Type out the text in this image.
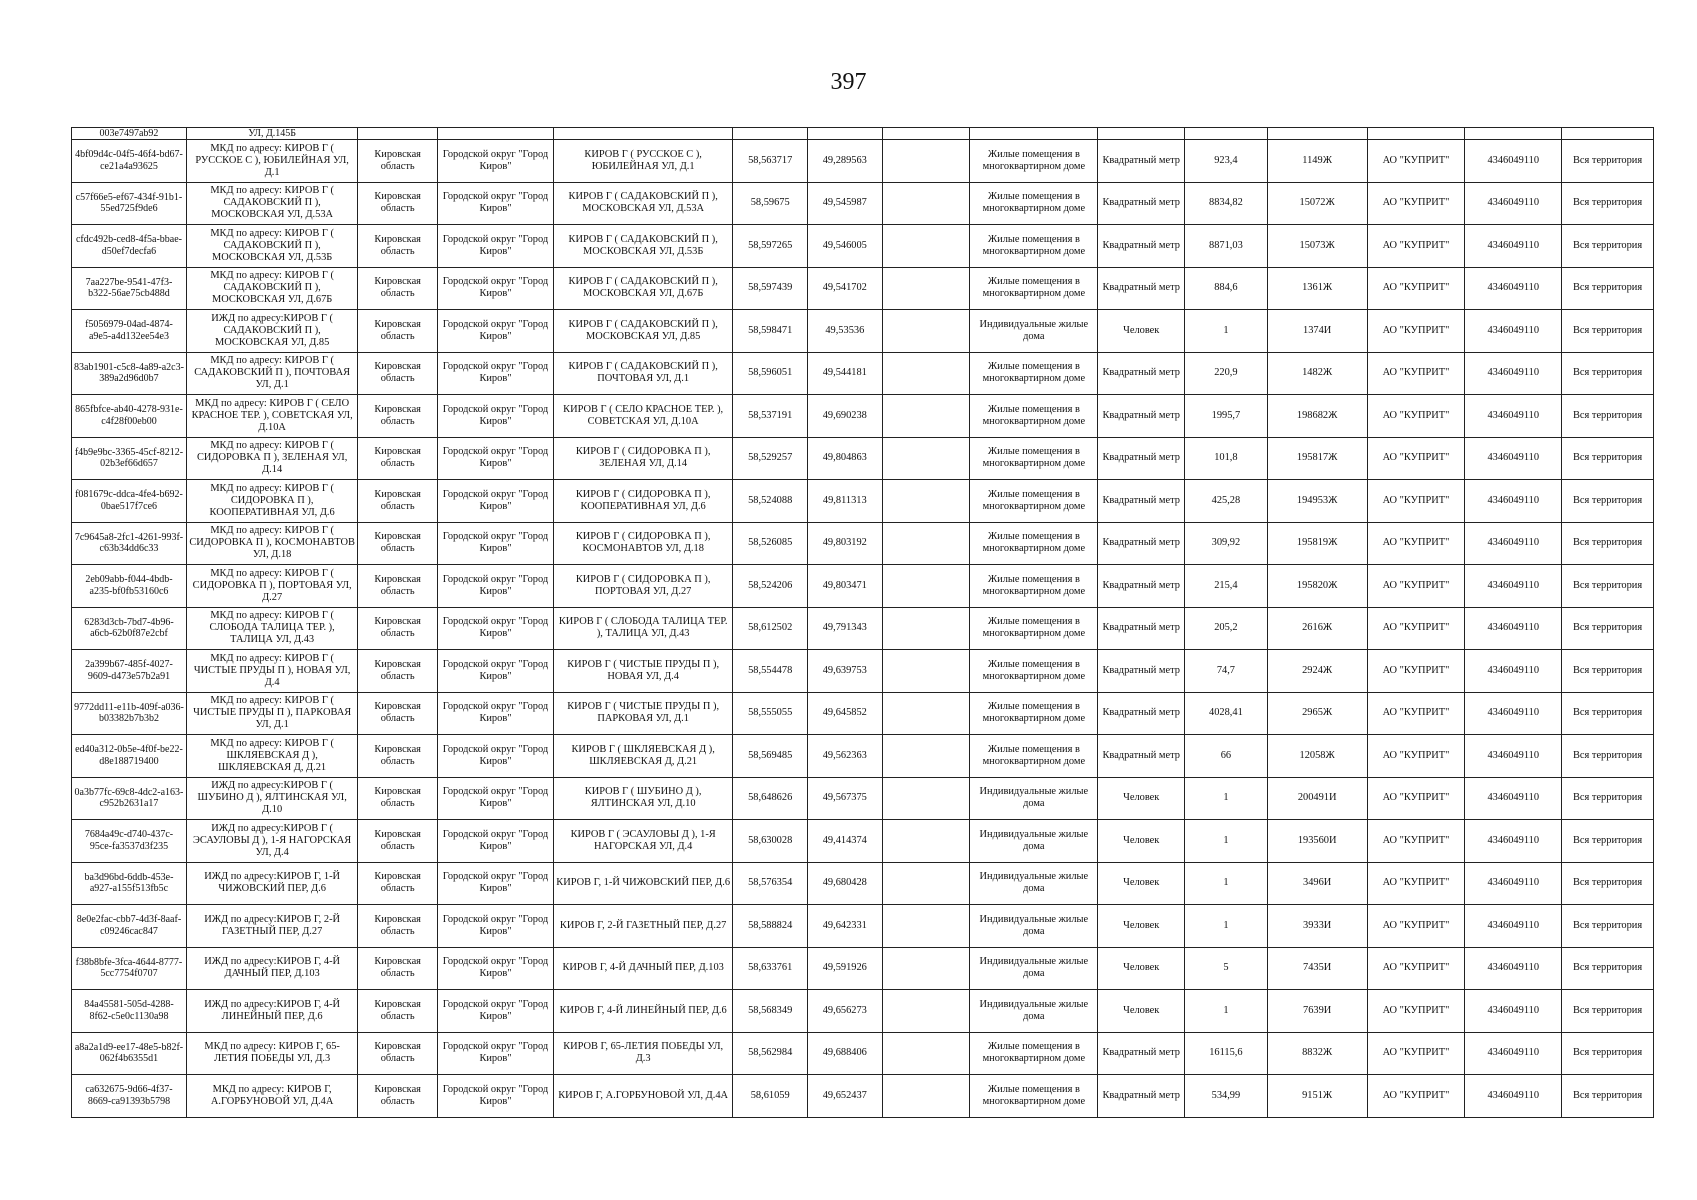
397
003e7497ab92	УЛ, Д.145Б													
4bf09d4c-04f5-46f4-bd67-ce21a4a93625	МКД по адресу: КИРОВ Г ( РУССКОЕ С ), ЮБИЛЕЙНАЯ УЛ, Д.1	Кировская область	Городской округ "Город Киров"	КИРОВ Г ( РУССКОЕ С ), ЮБИЛЕЙНАЯ УЛ, Д.1	58,563717	49,289563		Жилые помещения в многоквартирном доме	Квадратный метр	923,4	1149Ж	АО "КУПРИТ"	4346049110	Вся территория
c57f66e5-ef67-434f-91b1-55ed725f9de6	МКД по адресу: КИРОВ Г ( САДАКОВСКИЙ П ), МОСКОВСКАЯ УЛ, Д.53А	Кировская область	Городской округ "Город Киров"	КИРОВ Г ( САДАКОВСКИЙ П ), МОСКОВСКАЯ УЛ, Д.53А	58,59675	49,545987		Жилые помещения в многоквартирном доме	Квадратный метр	8834,82	15072Ж	АО "КУПРИТ"	4346049110	Вся территория
cfdc492b-ced8-4f5a-bbae-d50ef7decfa6	МКД по адресу: КИРОВ Г ( САДАКОВСКИЙ П ), МОСКОВСКАЯ УЛ, Д.53Б	Кировская область	Городской округ "Город Киров"	КИРОВ Г ( САДАКОВСКИЙ П ), МОСКОВСКАЯ УЛ, Д.53Б	58,597265	49,546005		Жилые помещения в многоквартирном доме	Квадратный метр	8871,03	15073Ж	АО "КУПРИТ"	4346049110	Вся территория
7aa227be-9541-47f3-b322-56ae75cb488d	МКД по адресу: КИРОВ Г ( САДАКОВСКИЙ П ), МОСКОВСКАЯ УЛ, Д.67Б	Кировская область	Городской округ "Город Киров"	КИРОВ Г ( САДАКОВСКИЙ П ), МОСКОВСКАЯ УЛ, Д.67Б	58,597439	49,541702		Жилые помещения в многоквартирном доме	Квадратный метр	884,6	1361Ж	АО "КУПРИТ"	4346049110	Вся территория
f5056979-04ad-4874-a9e5-a4d132ee54e3	ИЖД по адресу:КИРОВ Г ( САДАКОВСКИЙ П ), МОСКОВСКАЯ УЛ, Д.85	Кировская область	Городской округ "Город Киров"	КИРОВ Г ( САДАКОВСКИЙ П ), МОСКОВСКАЯ УЛ, Д.85	58,598471	49,53536		Индивидуальные жилые дома	Человек	1	1374И	АО "КУПРИТ"	4346049110	Вся территория
83ab1901-c5c8-4a89-a2c3-389a2d96d0b7	МКД по адресу: КИРОВ Г ( САДАКОВСКИЙ П ), ПОЧТОВАЯ УЛ, Д.1	Кировская область	Городской округ "Город Киров"	КИРОВ Г ( САДАКОВСКИЙ П ), ПОЧТОВАЯ УЛ, Д.1	58,596051	49,544181		Жилые помещения в многоквартирном доме	Квадратный метр	220,9	1482Ж	АО "КУПРИТ"	4346049110	Вся территория
865fbfce-ab40-4278-931e-c4f28f00eb00	МКД по адресу: КИРОВ Г ( СЕЛО КРАСНОЕ ТЕР. ), СОВЕТСКАЯ УЛ, Д.10А	Кировская область	Городской округ "Город Киров"	КИРОВ Г ( СЕЛО КРАСНОЕ ТЕР. ), СОВЕТСКАЯ УЛ, Д.10А	58,537191	49,690238		Жилые помещения в многоквартирном доме	Квадратный метр	1995,7	198682Ж	АО "КУПРИТ"	4346049110	Вся территория
f4b9e9bc-3365-45cf-8212-02b3ef66d657	МКД по адресу: КИРОВ Г ( СИДОРОВКА П ), ЗЕЛЕНАЯ УЛ, Д.14	Кировская область	Городской округ "Город Киров"	КИРОВ Г ( СИДОРОВКА П ), ЗЕЛЕНАЯ УЛ, Д.14	58,529257	49,804863		Жилые помещения в многоквартирном доме	Квадратный метр	101,8	195817Ж	АО "КУПРИТ"	4346049110	Вся территория
f081679c-ddca-4fe4-b692-0bae517f7ce6	МКД по адресу: КИРОВ Г ( СИДОРОВКА П ), КООПЕРАТИВНАЯ УЛ, Д.6	Кировская область	Городской округ "Город Киров"	КИРОВ Г ( СИДОРОВКА П ), КООПЕРАТИВНАЯ УЛ, Д.6	58,524088	49,811313		Жилые помещения в многоквартирном доме	Квадратный метр	425,28	194953Ж	АО "КУПРИТ"	4346049110	Вся территория
7c9645a8-2fc1-4261-993f-c63b34dd6c33	МКД по адресу: КИРОВ Г ( СИДОРОВКА П ), КОСМОНАВТОВ УЛ, Д.18	Кировская область	Городской округ "Город Киров"	КИРОВ Г ( СИДОРОВКА П ), КОСМОНАВТОВ УЛ, Д.18	58,526085	49,803192		Жилые помещения в многоквартирном доме	Квадратный метр	309,92	195819Ж	АО "КУПРИТ"	4346049110	Вся территория
2eb09abb-f044-4bdb-a235-bf0fb53160c6	МКД по адресу: КИРОВ Г ( СИДОРОВКА П ), ПОРТОВАЯ УЛ, Д.27	Кировская область	Городской округ "Город Киров"	КИРОВ Г ( СИДОРОВКА П ), ПОРТОВАЯ УЛ, Д.27	58,524206	49,803471		Жилые помещения в многоквартирном доме	Квадратный метр	215,4	195820Ж	АО "КУПРИТ"	4346049110	Вся территория
6283d3cb-7bd7-4b96-a6cb-62b0f87e2cbf	МКД по адресу: КИРОВ Г ( СЛОБОДА ТАЛИЦА ТЕР. ), ТАЛИЦА УЛ, Д.43	Кировская область	Городской округ "Город Киров"	КИРОВ Г ( СЛОБОДА ТАЛИЦА ТЕР. ), ТАЛИЦА УЛ, Д.43	58,612502	49,791343		Жилые помещения в многоквартирном доме	Квадратный метр	205,2	2616Ж	АО "КУПРИТ"	4346049110	Вся территория
2a399b67-485f-4027-9609-d473e57b2a91	МКД по адресу: КИРОВ Г ( ЧИСТЫЕ ПРУДЫ П ), НОВАЯ УЛ, Д.4	Кировская область	Городской округ "Город Киров"	КИРОВ Г ( ЧИСТЫЕ ПРУДЫ П ), НОВАЯ УЛ, Д.4	58,554478	49,639753		Жилые помещения в многоквартирном доме	Квадратный метр	74,7	2924Ж	АО "КУПРИТ"	4346049110	Вся территория
9772dd11-e11b-409f-a036-b03382b7b3b2	МКД по адресу: КИРОВ Г ( ЧИСТЫЕ ПРУДЫ П ), ПАРКОВАЯ УЛ, Д.1	Кировская область	Городской округ "Город Киров"	КИРОВ Г ( ЧИСТЫЕ ПРУДЫ П ), ПАРКОВАЯ УЛ, Д.1	58,555055	49,645852		Жилые помещения в многоквартирном доме	Квадратный метр	4028,41	2965Ж	АО "КУПРИТ"	4346049110	Вся территория
ed40a312-0b5e-4f0f-be22-d8e188719400	МКД по адресу: КИРОВ Г ( ШКЛЯЕВСКАЯ Д ), ШКЛЯЕВСКАЯ Д, Д.21	Кировская область	Городской округ "Город Киров"	КИРОВ Г ( ШКЛЯЕВСКАЯ Д ), ШКЛЯЕВСКАЯ Д, Д.21	58,569485	49,562363		Жилые помещения в многоквартирном доме	Квадратный метр	66	12058Ж	АО "КУПРИТ"	4346049110	Вся территория
0a3b77fc-69c8-4dc2-a163-c952b2631a17	ИЖД по адресу:КИРОВ Г ( ШУБИНО Д ), ЯЛТИНСКАЯ УЛ, Д.10	Кировская область	Городской округ "Город Киров"	КИРОВ Г ( ШУБИНО Д ), ЯЛТИНСКАЯ УЛ, Д.10	58,648626	49,567375		Индивидуальные жилые дома	Человек	1	200491И	АО "КУПРИТ"	4346049110	Вся территория
7684a49c-d740-437c-95ce-fa3537d3f235	ИЖД по адресу:КИРОВ Г ( ЭСАУЛОВЫ Д ), 1-Я НАГОРСКАЯ УЛ, Д.4	Кировская область	Городской округ "Город Киров"	КИРОВ Г ( ЭСАУЛОВЫ Д ), 1-Я НАГОРСКАЯ УЛ, Д.4	58,630028	49,414374		Индивидуальные жилые дома	Человек	1	193560И	АО "КУПРИТ"	4346049110	Вся территория
ba3d96bd-6ddb-453e-a927-a155f513fb5c	ИЖД по адресу:КИРОВ Г, 1-Й ЧИЖОВСКИЙ ПЕР, Д.6	Кировская область	Городской округ "Город Киров"	КИРОВ Г, 1-Й ЧИЖОВСКИЙ ПЕР, Д.6	58,576354	49,680428		Индивидуальные жилые дома	Человек	1	3496И	АО "КУПРИТ"	4346049110	Вся территория
8e0e2fac-cbb7-4d3f-8aaf-c09246cac847	ИЖД по адресу:КИРОВ Г, 2-Й ГАЗЕТНЫЙ ПЕР, Д.27	Кировская область	Городской округ "Город Киров"	КИРОВ Г, 2-Й ГАЗЕТНЫЙ ПЕР, Д.27	58,588824	49,642331		Индивидуальные жилые дома	Человек	1	3933И	АО "КУПРИТ"	4346049110	Вся территория
f38b8bfe-3fca-4644-8777-5cc7754f0707	ИЖД по адресу:КИРОВ Г, 4-Й ДАЧНЫЙ ПЕР, Д.103	Кировская область	Городской округ "Город Киров"	КИРОВ Г, 4-Й ДАЧНЫЙ ПЕР, Д.103	58,633761	49,591926		Индивидуальные жилые дома	Человек	5	7435И	АО "КУПРИТ"	4346049110	Вся территория
84a45581-505d-4288-8f62-c5e0c1130a98	ИЖД по адресу:КИРОВ Г, 4-Й ЛИНЕЙНЫЙ ПЕР, Д.6	Кировская область	Городской округ "Город Киров"	КИРОВ Г, 4-Й ЛИНЕЙНЫЙ ПЕР, Д.6	58,568349	49,656273		Индивидуальные жилые дома	Человек	1	7639И	АО "КУПРИТ"	4346049110	Вся территория
a8a2a1d9-ee17-48e5-b82f-062f4b6355d1	МКД по адресу: КИРОВ Г, 65-ЛЕТИЯ ПОБЕДЫ УЛ, Д.3	Кировская область	Городской округ "Город Киров"	КИРОВ Г, 65-ЛЕТИЯ ПОБЕДЫ УЛ, Д.3	58,562984	49,688406		Жилые помещения в многоквартирном доме	Квадратный метр	16115,6	8832Ж	АО "КУПРИТ"	4346049110	Вся территория
ca632675-9d66-4f37-8669-ca91393b5798	МКД по адресу: КИРОВ Г, А.ГОРБУНОВОЙ УЛ, Д.4А	Кировская область	Городской округ "Город Киров"	КИРОВ Г, А.ГОРБУНОВОЙ УЛ, Д.4А	58,61059	49,652437		Жилые помещения в многоквартирном доме	Квадратный метр	534,99	9151Ж	АО "КУПРИТ"	4346049110	Вся территория
